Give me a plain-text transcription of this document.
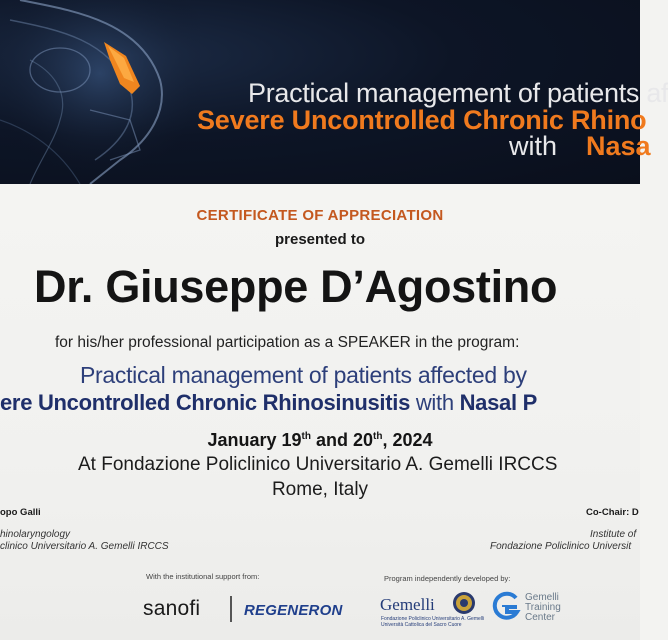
Practical management of patients af
Severe Uncontrolled Chronic Rhino
with Nasa
CERTIFICATE OF APPRECIATION
presented to
Dr. Giuseppe D’Agostino
for his/her professional participation as a SPEAKER in the program:
Practical management of patients affected by
ere Uncontrolled Chronic Rhinosinusitis with Nasal P
January 19th and 20th, 2024
At Fondazione Policlinico Universitario A. Gemelli IRCCS
Rome, Italy
opo Galli
hinolaryngology
clinico Universitario A. Gemelli IRCCS
Co-Chair: D
Institute of
Fondazione Policlinico Universit
With the institutional support from:	Program independently developed by:
sanofi	REGENERON Gemelli
Fondazione Policlinico Universitario A. Gemelli
Università Cattolica del Sacro Cuore
Gemelli
Training
Center
